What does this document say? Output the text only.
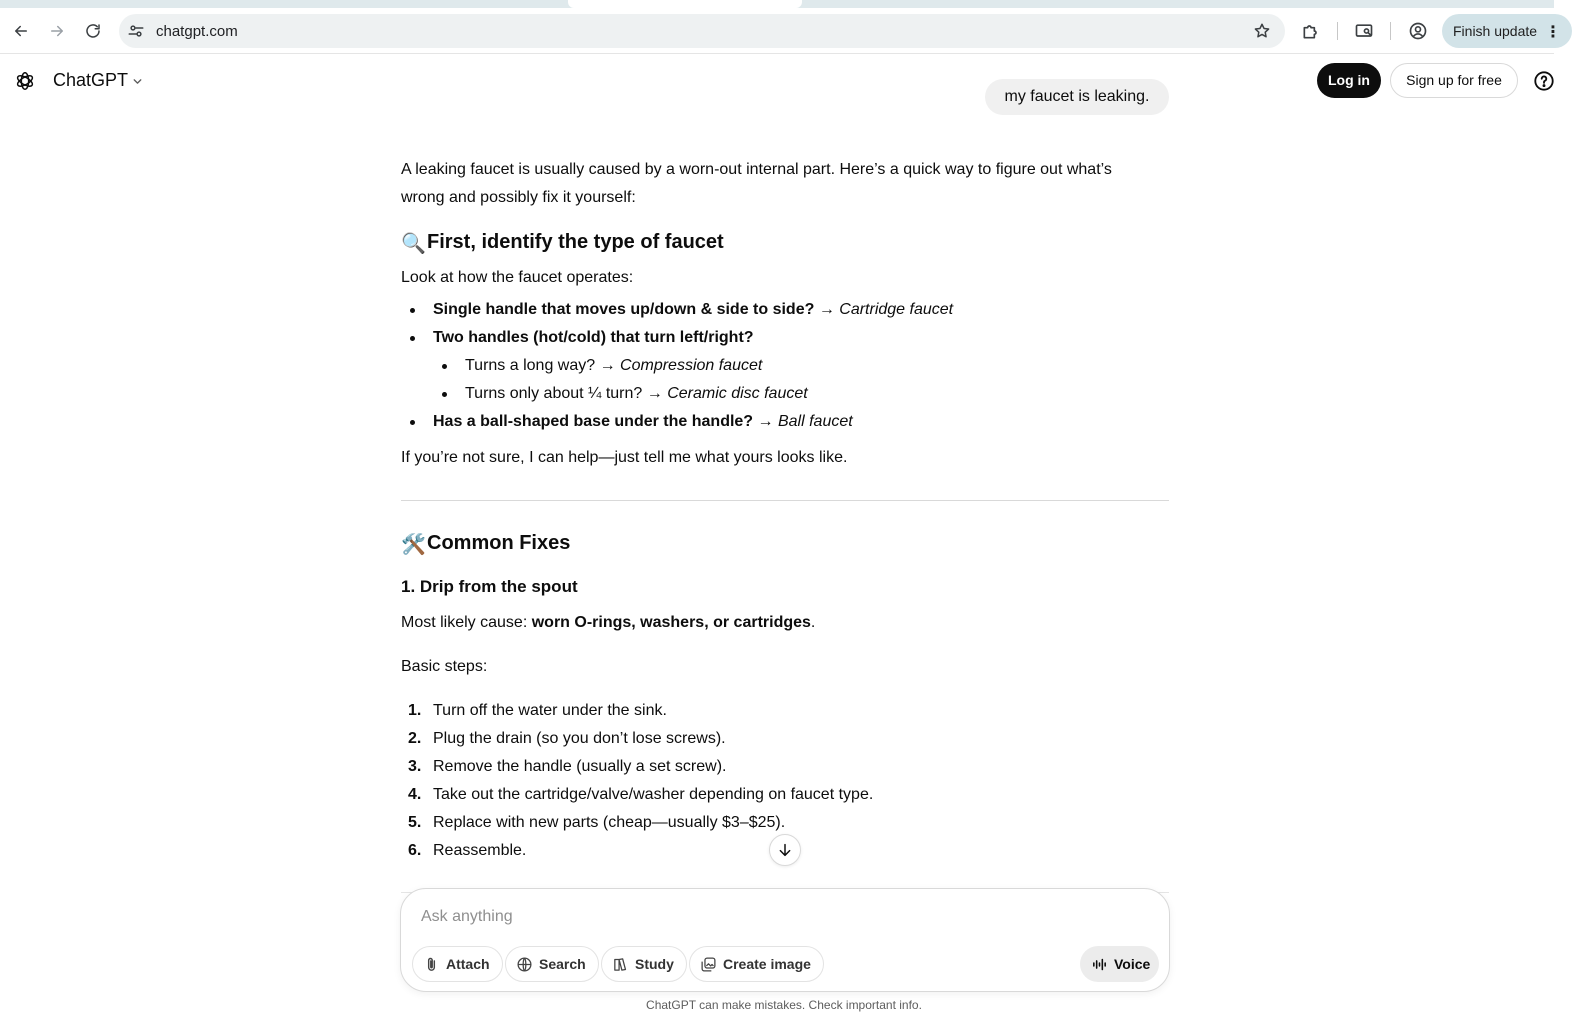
chatgpt.com	Finish update ⋮
ChatGPT	Log in	Sign up for free
my faucet is leaking.
A leaking faucet is usually caused by a worn-out internal part. Here’s a quick way to figure out what’s
wrong and possibly fix it yourself:
🔍First, identify the type of faucet
Look at how the faucet operates:
Single handle that moves up/down & side to side? → Cartridge faucet
Two handles (hot/cold) that turn left/right?
Turns a long way? → Compression faucet
Turns only about ¼ turn? → Ceramic disc faucet
Has a ball-shaped base under the handle? → Ball faucet
If you’re not sure, I can help—just tell me what yours looks like.
🛠️Common Fixes
1. Drip from the spout
Most likely cause: worn O-rings, washers, or cartridges.
Basic steps:
1. Turn off the water under the sink.
2. Plug the drain (so you don’t lose screws).
3. Remove the handle (usually a set screw).
4. Take out the cartridge/valve/washer depending on faucet type.
5. Replace with new parts (cheap—usually $3–$25).
6. Reassemble.
Ask anything
Attach	Search	Study	Create image	Voice
ChatGPT can make mistakes. Check important info.
